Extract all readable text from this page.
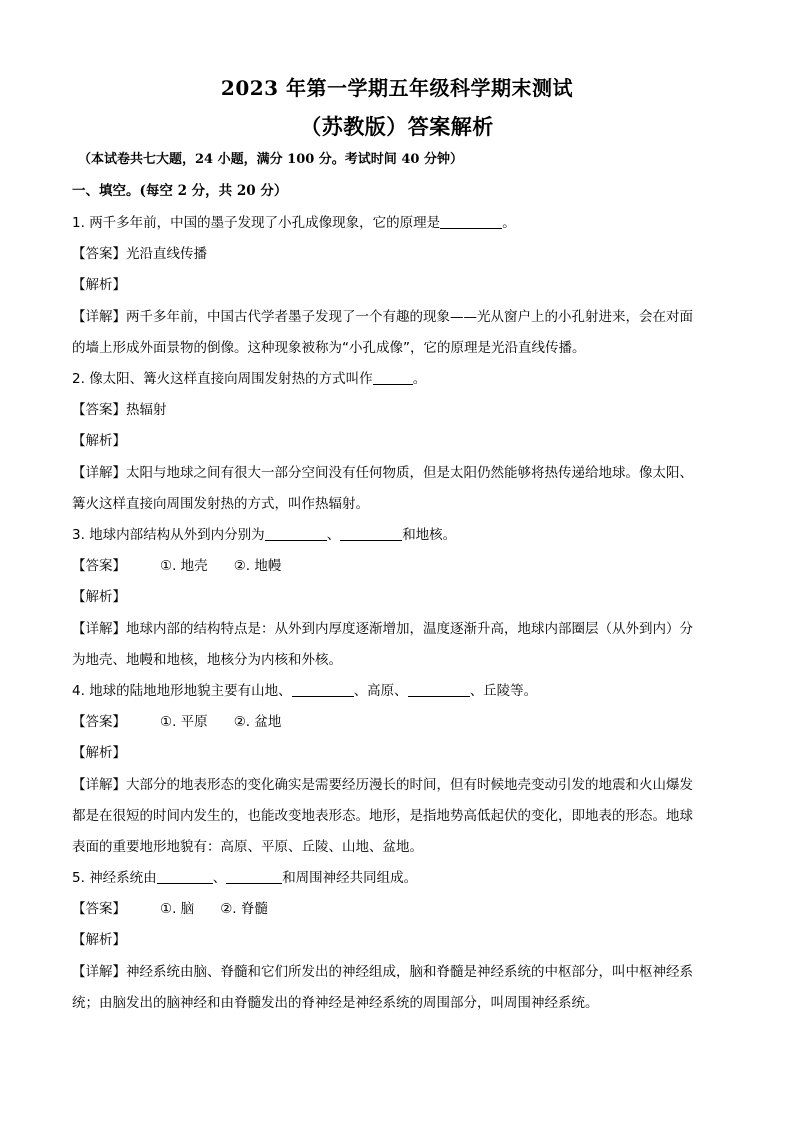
2023 年第一学期五年级科学期末测试
（苏教版）答案解析
（本试卷共七大题，24 小题，满分 100 分。考试时间 40 分钟）
一、填空。(每空 2 分，共 20 分）
1. 两千多年前，中国的墨子发现了小孔成像现象，它的原理是	。
【答案】光沿直线传播
【解析】
【详解】两千多年前，中国古代学者墨子发现了一个有趣的现象——光从窗户上的小孔射进来，会在对面
的墙上形成外面景物的倒像。这种现象被称为“小孔成像”，它的原理是光沿直线传播。
2. 像太阳、篝火这样直接向周围发射热的方式叫作	。
【答案】热辐射
【解析】
【详解】太阳与地球之间有很大一部分空间没有任何物质，但是太阳仍然能够将热传递给地球。像太阳、
篝火这样直接向周围发射热的方式，叫作热辐射。
3. 地球内部结构从外到内分别为	、	和地核。
【答案】	①. 地壳 ②. 地幔
【解析】
【详解】地球内部的结构特点是：从外到内厚度逐渐增加，温度逐渐升高，地球内部圈层（从外到内）分
为地壳、地幔和地核，地核分为内核和外核。
4. 地球的陆地地形地貌主要有山地、	、高原、	、丘陵等。
【答案】	①. 平原 ②. 盆地
【解析】
【详解】大部分的地表形态的变化确实是需要经历漫长的时间，但有时候地壳变动引发的地震和火山爆发
都是在很短的时间内发生的，也能改变地表形态。地形，是指地势高低起伏的变化，即地表的形态。地球
表面的重要地形地貌有：高原、平原、丘陵、山地、盆地。
5. 神经系统由	、	和周围神经共同组成。
【答案】	①. 脑 ②. 脊髓
【解析】
【详解】神经系统由脑、脊髓和它们所发出的神经组成，脑和脊髓是神经系统的中枢部分，叫中枢神经系
统；由脑发出的脑神经和由脊髓发出的脊神经是神经系统的周围部分，叫周围神经系统。
